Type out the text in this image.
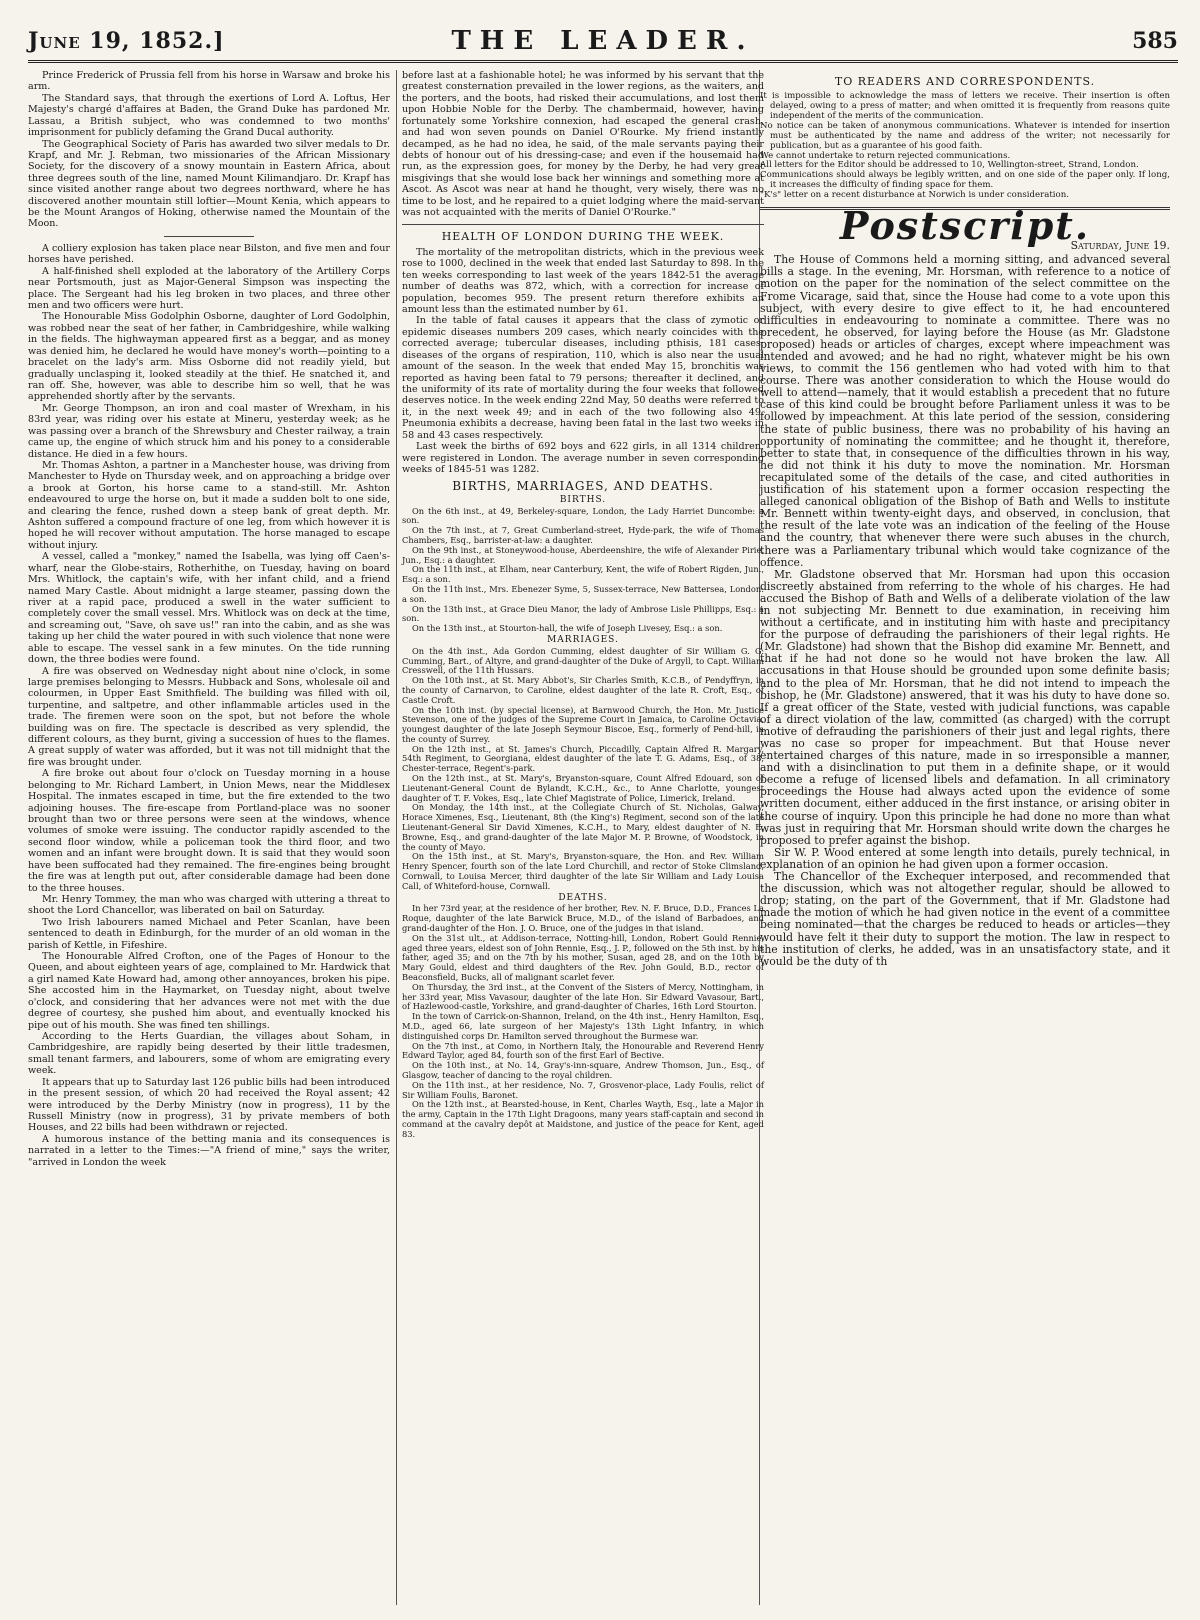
June 19, 1852.]	THE LEADER.	585

Prince Frederick of Prussia fell from his horse in Warsaw and broke his arm.

The Standard says, that through the exertions of Lord A. Loftus, Her Majesty's chargé d'affaires at Baden, the Grand Duke has pardoned Mr. Lassau, a British subject, who was condemned to two months' imprisonment for publicly defaming the Grand Ducal authority.

The Geographical Society of Paris has awarded two silver medals to Dr. Krapf, and Mr. J. Rebman, two missionaries of the African Missionary Society, for the discovery of a snowy mountain in Eastern Africa, about three degrees south of the line, named Mount Kilimandjaro. Dr. Krapf has since visited another range about two degrees northward, where he has discovered another mountain still loftier—Mount Kenia, which appears to be the Mount Arangos of Hoking, otherwise named the Mountain of the Moon.

A colliery explosion has taken place near Bilston, and five men and four horses have perished.

A half-finished shell exploded at the laboratory of the Artillery Corps near Portsmouth, just as Major-General Simpson was inspecting the place. The Sergeant had his leg broken in two places, and three other men and two officers were hurt.

The Honourable Miss Godolphin Osborne, daughter of Lord Godolphin, was robbed near the seat of her father, in Cambridgeshire, while walking in the fields. The highwayman appeared first as a beggar, and as money was denied him, he declared he would have money's worth—pointing to a bracelet on the lady's arm. Miss Osborne did not readily yield, but gradually unclasping it, looked steadily at the thief. He snatched it, and ran off. She, however, was able to describe him so well, that he was apprehended shortly after by the servants.

Mr. George Thompson, an iron and coal master of Wrexham, in his 83rd year, was riding over his estate at Mineru, yesterday week; as he was passing over a branch of the Shrewsbury and Chester railway, a train came up, the engine of which struck him and his poney to a considerable distance. He died in a few hours.

Mr. Thomas Ashton, a partner in a Manchester house, was driving from Manchester to Hyde on Thursday week, and on approaching a bridge over a brook at Gorton, his horse came to a stand-still. Mr. Ashton endeavoured to urge the horse on, but it made a sudden bolt to one side, and clearing the fence, rushed down a steep bank of great depth. Mr. Ashton suffered a compound fracture of one leg, from which however it is hoped he will recover without amputation. The horse managed to escape without injury.

A vessel, called a "monkey," named the Isabella, was lying off Caen's-wharf, near the Globe-stairs, Rotherhithe, on Tuesday, having on board Mrs. Whitlock, the captain's wife, with her infant child, and a friend named Mary Castle. About midnight a large steamer, passing down the river at a rapid pace, produced a swell in the water sufficient to completely cover the small vessel. Mrs. Whitlock was on deck at the time, and screaming out, "Save, oh save us!" ran into the cabin, and as she was taking up her child the water poured in with such violence that none were able to escape. The vessel sank in a few minutes. On the tide running down, the three bodies were found.

A fire was observed on Wednesday night about nine o'clock, in some large premises belonging to Messrs. Hubback and Sons, wholesale oil and colourmen, in Upper East Smithfield. The building was filled with oil, turpentine, and saltpetre, and other inflammable articles used in the trade. The firemen were soon on the spot, but not before the whole building was on fire. The spectacle is described as very splendid, the different colours, as they burnt, giving a succession of hues to the flames. A great supply of water was afforded, but it was not till midnight that the fire was brought under.

A fire broke out about four o'clock on Tuesday morning in a house belonging to Mr. Richard Lambert, in Union Mews, near the Middlesex Hospital. The inmates escaped in time, but the fire extended to the two adjoining houses. The fire-escape from Portland-place was no sooner brought than two or three persons were seen at the windows, whence volumes of smoke were issuing. The conductor rapidly ascended to the second floor window, while a policeman took the third floor, and two women and an infant were brought down. It is said that they would soon have been suffocated had they remained. The fire-engines being brought the fire was at length put out, after considerable damage had been done to the three houses.

Mr. Henry Tommey, the man who was charged with uttering a threat to shoot the Lord Chancellor, was liberated on bail on Saturday.

Two Irish labourers named Michael and Peter Scanlan, have been sentenced to death in Edinburgh, for the murder of an old woman in the parish of Kettle, in Fifeshire.

The Honourable Alfred Crofton, one of the Pages of Honour to the Queen, and about eighteen years of age, complained to Mr. Hardwick that a girl named Kate Howard had, among other annoyances, broken his pipe. She accosted him in the Haymarket, on Tuesday night, about twelve o'clock, and considering that her advances were not met with the due degree of courtesy, she pushed him about, and eventually knocked his pipe out of his mouth. She was fined ten shillings.

According to the Herts Guardian, the villages about Soham, in Cambridgeshire, are rapidly being deserted by their little tradesmen, small tenant farmers, and labourers, some of whom are emigrating every week.

It appears that up to Saturday last 126 public bills had been introduced in the present session, of which 20 had received the Royal assent; 42 were introduced by the Derby Ministry (now in progress), 11 by the Russell Ministry (now in progress), 31 by private members of both Houses, and 22 bills had been withdrawn or rejected.

A humorous instance of the betting mania and its consequences is narrated in a letter to the Times:—"A friend of mine," says the writer, "arrived in London the week

before last at a fashionable hotel; he was informed by his servant that the greatest consternation prevailed in the lower regions, as the waiters, and the porters, and the boots, had risked their accumulations, and lost them upon Hobbie Noble for the Derby. The chambermaid, however, having fortunately some Yorkshire connexion, had escaped the general crash, and had won seven pounds on Daniel O'Rourke. My friend instantly decamped, as he had no idea, he said, of the male servants paying their debts of honour out of his dressing-case; and even if the housemaid had run, as the expression goes, for money by the Derby, he had very great misgivings that she would lose back her winnings and something more at Ascot. As Ascot was near at hand he thought, very wisely, there was no time to be lost, and he repaired to a quiet lodging where the maid-servant was not acquainted with the merits of Daniel O'Rourke."

HEALTH OF LONDON DURING THE WEEK.

The mortality of the metropolitan districts, which in the previous week rose to 1000, declined in the week that ended last Saturday to 898. In the ten weeks corresponding to last week of the years 1842-51 the average number of deaths was 872, which, with a correction for increase of population, becomes 959. The present return therefore exhibits an amount less than the estimated number by 61.

In the table of fatal causes it appears that the class of zymotic or epidemic diseases numbers 209 cases, which nearly coincides with the corrected average; tubercular diseases, including pthisis, 181 cases; diseases of the organs of respiration, 110, which is also near the usual amount of the season. In the week that ended May 15, bronchitis was reported as having been fatal to 79 persons; thereafter it declined, and the uniformity of its rate of mortality during the four weeks that followed deserves notice. In the week ending 22nd May, 50 deaths were referred to it, in the next week 49; and in each of the two following also 49. Pneumonia exhibits a decrease, having been fatal in the last two weeks in 58 and 43 cases respectively.

Last week the births of 692 boys and 622 girls, in all 1314 children, were registered in London. The average number in seven corresponding weeks of 1845-51 was 1282.

BIRTHS, MARRIAGES, AND DEATHS.
BIRTHS.

On the 6th inst., at 49, Berkeley-square, London, the Lady Harriet Duncombe: a son.

On the 7th inst., at 7, Great Cumberland-street, Hyde-park, the wife of Thomas Chambers, Esq., barrister-at-law: a daughter.

On the 9th inst., at Stoneywood-house, Aberdeenshire, the wife of Alexander Pirie, Jun., Esq.: a daughter.

On the 11th inst., at Elham, near Canterbury, Kent, the wife of Robert Rigden, Jun., Esq.: a son.

On the 11th inst., Mrs. Ebenezer Syme, 5, Sussex-terrace, New Battersea, London: a son.

On the 13th inst., at Grace Dieu Manor, the lady of Ambrose Lisle Phillipps, Esq.: a son.

On the 13th inst., at Stourton-hall, the wife of Joseph Livesey, Esq.: a son.

MARRIAGES.

On the 4th inst., Ada Gordon Cumming, eldest daughter of Sir William G. G. Cumming, Bart., of Altyre, and grand-daughter of the Duke of Argyll, to Capt. William Cresswell, of the 11th Hussars.

On the 10th inst., at St. Mary Abbot's, Sir Charles Smith, K.C.B., of Pendyffryn, in the county of Carnarvon, to Caroline, eldest daughter of the late R. Croft, Esq., of Castle Croft.

On the 10th inst. (by special license), at Barnwood Church, the Hon. Mr. Justice Stevenson, one of the judges of the Supreme Court in Jamaica, to Caroline Octavia, youngest daughter of the late Joseph Seymour Biscoe, Esq., formerly of Pend-hill, in the county of Surrey.

On the 12th inst., at St. James's Church, Piccadilly, Captain Alfred R. Margary, 54th Regiment, to Georgiana, eldest daughter of the late T. G. Adams, Esq., of 38, Chester-terrace, Regent's-park.

On the 12th inst., at St. Mary's, Bryanston-square, Count Alfred Edouard, son of Lieutenant-General Count de Bylandt, K.C.H., &c., to Anne Charlotte, youngest daughter of T. F. Vokes, Esq., late Chief Magistrate of Police, Limerick, Ireland.

On Monday, the 14th inst., at the Collegiate Church of St. Nicholas, Galway, Horace Ximenes, Esq., Lieutenant, 8th (the King's) Regiment, second son of the late Lieutenant-General Sir David Ximenes, K.C.H., to Mary, eldest daughter of N. E. Browne, Esq., and grand-daughter of the late Major M. P. Browne, of Woodstock, in the county of Mayo.

On the 15th inst., at St. Mary's, Bryanston-square, the Hon. and Rev. William Henry Spencer, fourth son of the late Lord Churchill, and rector of Stoke Climsland, Cornwall, to Louisa Mercer, third daughter of the late Sir William and Lady Louisa Call, of Whiteford-house, Cornwall.

DEATHS.

In her 73rd year, at the residence of her brother, Rev. N. F. Bruce, D.D., Frances La Roque, daughter of the late Barwick Bruce, M.D., of the island of Barbadoes, and grand-daughter of the Hon. J. O. Bruce, one of the judges in that island.

On the 31st ult., at Addison-terrace, Notting-hill, London, Robert Gould Rennie, aged three years, eldest son of John Rennie, Esq., J. P., followed on the 5th inst. by his father, aged 35; and on the 7th by his mother, Susan, aged 28, and on the 10th by Mary Gould, eldest and third daughters of the Rev. John Gould, B.D., rector of Beaconsfield, Bucks, all of malignant scarlet fever.

On Thursday, the 3rd inst., at the Convent of the Sisters of Mercy, Nottingham, in her 33rd year, Miss Vavasour, daughter of the late Hon. Sir Edward Vavasour, Bart., of Hazlewood-castle, Yorkshire, and grand-daughter of Charles, 16th Lord Stourton.

In the town of Carrick-on-Shannon, Ireland, on the 4th inst., Henry Hamilton, Esq., M.D., aged 66, late surgeon of her Majesty's 13th Light Infantry, in which distinguished corps Dr. Hamilton served throughout the Burmese war.

On the 7th inst., at Como, in Northern Italy, the Honourable and Reverend Henry Edward Taylor, aged 84, fourth son of the first Earl of Bective.

On the 10th inst., at No. 14, Gray's-inn-square, Andrew Thomson, Jun., Esq., of Glasgow, teacher of dancing to the royal children.

On the 11th inst., at her residence, No. 7, Grosvenor-place, Lady Foulis, relict of Sir William Foulis, Baronet.

On the 12th inst., at Bearsted-house, in Kent, Charles Wayth, Esq., late a Major in the army, Captain in the 17th Light Dragoons, many years staff-captain and second in command at the cavalry depôt at Maidstone, and justice of the peace for Kent, aged 83.

TO READERS AND CORRESPONDENTS.

It is impossible to acknowledge the mass of letters we receive. Their insertion is often delayed, owing to a press of matter; and when omitted it is frequently from reasons quite independent of the merits of the communication.

No notice can be taken of anonymous communications. Whatever is intended for insertion must be authenticated by the name and address of the writer; not necessarily for publication, but as a guarantee of his good faith.

We cannot undertake to return rejected communications.

All letters for the Editor should be addressed to 10, Wellington-street, Strand, London.

Communications should always be legibly written, and on one side of the paper only. If long, it increases the difficulty of finding space for them.

"K's" letter on a recent disturbance at Norwich is under consideration.

Postscript.
Saturday, June 19.

The House of Commons held a morning sitting, and advanced several bills a stage. In the evening, Mr. Horsman, with reference to a notice of motion on the paper for the nomination of the select committee on the Frome Vicarage, said that, since the House had come to a vote upon this subject, with every desire to give effect to it, he had encountered difficulties in endeavouring to nominate a committee. There was no precedent, he observed, for laying before the House (as Mr. Gladstone proposed) heads or articles of charges, except where impeachment was intended and avowed; and he had no right, whatever might be his own views, to commit the 156 gentlemen who had voted with him to that course. There was another consideration to which the House would do well to attend—namely, that it would establish a precedent that no future case of this kind could be brought before Parliament unless it was to be followed by impeachment. At this late period of the session, considering the state of public business, there was no probability of his having an opportunity of nominating the committee; and he thought it, therefore, better to state that, in consequence of the difficulties thrown in his way, he did not think it his duty to move the nomination. Mr. Horsman recapitulated some of the details of the case, and cited authorities in justification of his statement upon a former occasion respecting the alleged canonical obligation of the Bishop of Bath and Wells to institute Mr. Bennett within twenty-eight days, and observed, in conclusion, that the result of the late vote was an indication of the feeling of the House and the country, that whenever there were such abuses in the church, there was a Parliamentary tribunal which would take cognizance of the offence.

Mr. Gladstone observed that Mr. Horsman had upon this occasion discreetly abstained from referring to the whole of his charges. He had accused the Bishop of Bath and Wells of a deliberate violation of the law in not subjecting Mr. Bennett to due examination, in receiving him without a certificate, and in instituting him with haste and precipitancy for the purpose of defrauding the parishioners of their legal rights. He (Mr. Gladstone) had shown that the Bishop did examine Mr. Bennett, and that if he had not done so he would not have broken the law. All accusations in that House should be grounded upon some definite basis; and to the plea of Mr. Horsman, that he did not intend to impeach the bishop, he (Mr. Gladstone) answered, that it was his duty to have done so. If a great officer of the State, vested with judicial functions, was capable of a direct violation of the law, committed (as charged) with the corrupt motive of defrauding the parishioners of their just and legal rights, there was no case so proper for impeachment. But that House never entertained charges of this nature, made in so irresponsible a manner, and with a disinclination to put them in a definite shape, or it would become a refuge of licensed libels and defamation. In all criminatory proceedings the House had always acted upon the evidence of some written document, either adduced in the first instance, or arising obiter in the course of inquiry. Upon this principle he had done no more than what was just in requiring that Mr. Horsman should write down the charges he proposed to prefer against the bishop.

Sir W. P. Wood entered at some length into details, purely technical, in explanation of an opinion he had given upon a former occasion.

The Chancellor of the Exchequer interposed, and recommended that the discussion, which was not altogether regular, should be allowed to drop; stating, on the part of the Government, that if Mr. Gladstone had made the motion of which he had given notice in the event of a committee being nominated—that the charges be reduced to heads or articles—they would have felt it their duty to support the motion. The law in respect to the institution of clerks, he added, was in an unsatisfactory state, and it would be the duty of th
